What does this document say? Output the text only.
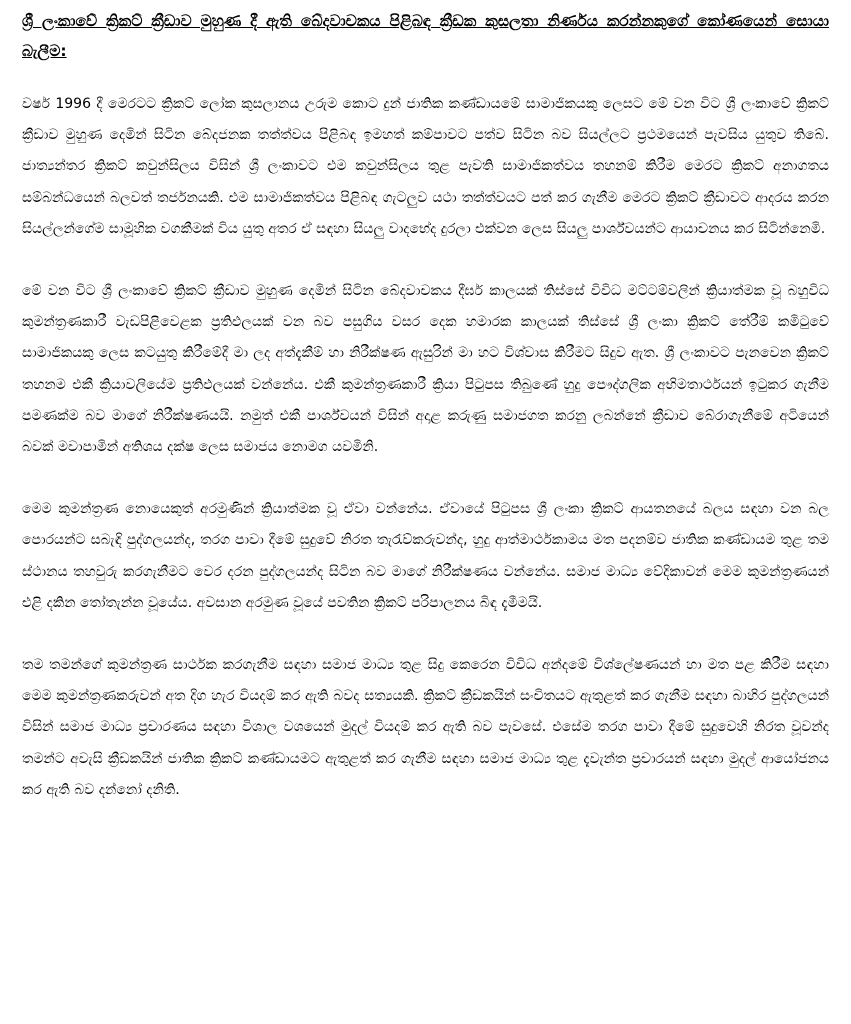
ශ්‍රී ලංකාවේ ක්‍රිකට් ක්‍රීඩාව මුහුණ දී ඇති බේදවාචකය පිළිබඳ ක්‍රීඩක කුසලතා නිර්ණය කරන්නකුගේ කෝණයෙන් සොයා බැලීම:

වර්ෂ 1996 දී මෙරටට ක්‍රිකට් ලෝක කුසලානය උරුම කොට දුන් ජාතික කණ්ඩායමේ සාමාජිකයකු ලෙසට මේ වන විට ශ්‍රී ලංකාවේ ක්‍රිකට් ක්‍රීඩාව මුහුණ දෙමින් සිටින බේදජනක තත්ත්වය පිළිබඳ ඉමහත් කම්පාවට පත්ව සිටින බව සියල්ලට ප්‍රථමයෙන් පැවසිය යුතුව තිබේ. ජාත්‍යන්තර ක්‍රිකට් කවුන්සිලය විසින් ශ්‍රී ලංකාවට එම කවුන්සිලය තුළ පැවති සාමාජිකත්වය තහනම් කිරීම මෙරට ක්‍රිකට් අනාගතය සම්බන්ධයෙන් බලවත් තර්ජනයකි. එම සාමාජිකත්වය පිළිබඳ ගැටලුව යථා තත්ත්වයට පත් කර ගැනීම මෙරට ක්‍රිකට් ක්‍රීඩාවට ආදරය කරන සියල්ලන්ගේම සාමූහික වගකීමක් විය යුතු අතර ඒ සඳහා සියලු වාදභේද දුරලා එක්වන ලෙස සියලු පාර්ශ්වයන්ට ආයාචනය කර සිටින්නෙමි.

මේ වන විට ශ්‍රී ලංකාවේ ක්‍රිකට් ක්‍රීඩාව මුහුණ දෙමින් සිටින බේදවාචකය දීර්ඝ කාලයක් තිස්සේ විවිධ මට්ටම්වලින් ක්‍රියාත්මක වූ බහුවිධ කුමන්ත්‍රණකාරී වැඩපිළිවෙළක ප්‍රතිඵලයක් වන බව පසුගිය වසර දෙක හමාරක කාලයක් තිස්සේ ශ්‍රී ලංකා ක්‍රිකට් තේරීම් කමිටුවේ සාමාජිකයකු ලෙස කටයුතු කිරීමේදී මා ලද අත්දැකීම් හා නිරීක්ෂණ ඇසුරින් මා හට විශ්වාස කිරීමට සිදුව ඇත. ශ්‍රී ලංකාවට පැනවෙන ක්‍රිකට් තහනම එකී ක්‍රියාවලියේම ප්‍රතිඵලයක් වන්නේය. එකී කුමන්ත්‍රණකාරී ක්‍රියා පිටුපස තිබුණේ හුදු පෞද්ගලික අභිමතාර්ථයන් ඉටුකර ගැනීම පමණක්ම බව මාගේ නිරීක්ෂණයයි. නමුත් එකී පාර්ශ්වයන් විසින් අදාළ කරුණු සමාජගත කරනු ලබන්නේ ක්‍රීඩාව බේරාගැනීමේ අටියෙන් බවක් මවාපාමින් අතිශය දක්ෂ ලෙස සමාජය නොමග යවමිනි.

මෙම කුමන්ත්‍රණ නොයෙකුත් අරමුණින් ක්‍රියාත්මක වූ ඒවා වන්නේය. ඒවායේ පිටුපස ශ්‍රී ලංකා ක්‍රිකට් ආයතනයේ බලය සඳහා වන බල පොරයන්ට සබැඳි පුද්ගලයන්ද, තරග පාවා දීමේ සුදුවේ නිරත තැරැව්කරුවන්ද, හුදු ආත්මාර්ථකාමය මත පදනම්ව ජාතික කණ්ඩායම තුළ තම ස්ථානය තහවුරු කරගැනීමට වෙර දරන පුද්ගලයන්ද සිටින බව මාගේ නිරීක්ෂණය වන්නේය. සමාජ මාධ්‍ය වේදිකාවන් මෙම කුමන්ත්‍රණයන් එළි දකින තෝතැන්න වූයේය. අවසාන අරමුණ වූයේ පවතින ක්‍රිකට් පරිපාලනය බිඳ දැමීමයි.

තම තමන්ගේ කුමන්ත්‍රණ සාර්ථක කරගැනීම සඳහා සමාජ මාධ්‍ය තුළ සිදු කෙරෙන විවිධ අන්දමේ විශ්ලේෂණයන් හා මත පළ කිරීම සඳහා මෙම කුමන්ත්‍රණකරුවන් අත දිග හැර වියදම් කර ඇති බවද සත්‍යයකි. ක්‍රිකට් ක්‍රීඩකයින් සංචිතයට ඇතුළත් කර ගැනීම සඳහා බාහිර පුද්ගලයන් විසින් සමාජ මාධ්‍ය ප්‍රචාරණය සඳහා විශාල වශයෙන් මුදල් වියදම් කර ඇති බව පැවසේ. එසේම තරග පාවා දීමේ සුදුවෙහි නිරත වූවන්ද තමන්ට අවැසි ක්‍රීඩකයින් ජාතික ක්‍රිකට් කණ්ඩායමට ඇතුළත් කර ගැනීම සඳහා සමාජ මාධ්‍ය තුළ දැවැන්ත ප්‍රචාරයන් සඳහා මුදල් ආයෝජනය කර ඇති බව දන්නෝ දනිති.
